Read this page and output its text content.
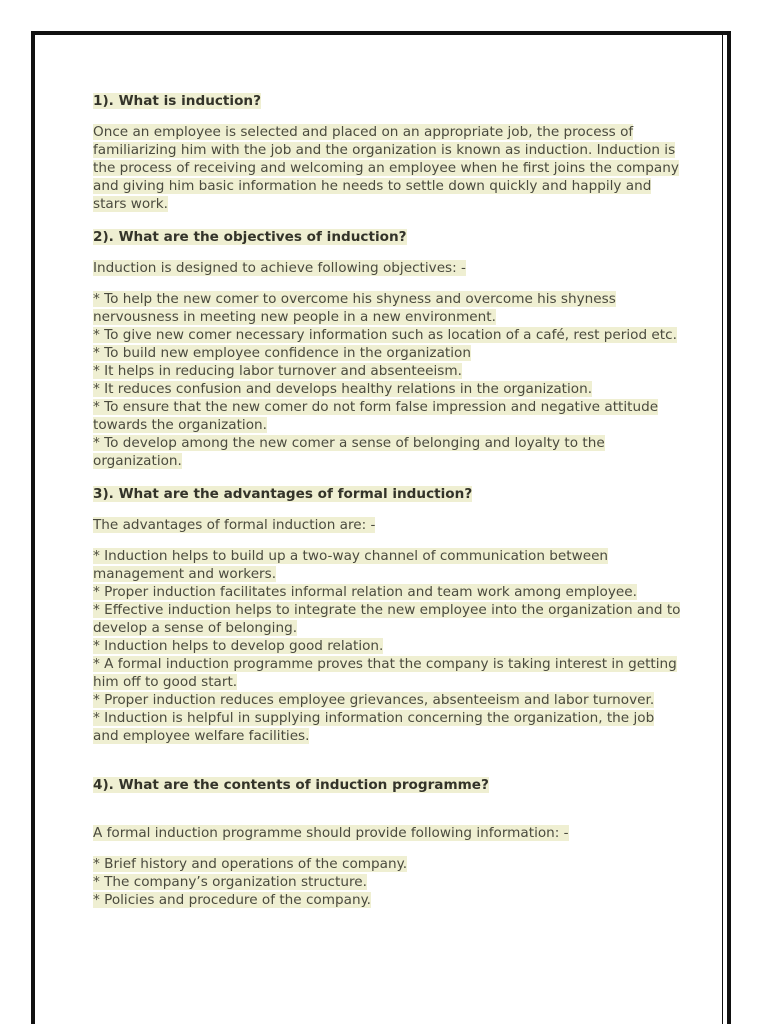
1). What is induction?

Once an employee is selected and placed on an appropriate job, the process of familiarizing him with the job and the organization is known as induction. Induction is the process of receiving and welcoming an employee when he first joins the company and giving him basic information he needs to settle down quickly and happily and stars work.

2). What are the objectives of induction?

Induction is designed to achieve following objectives: -

* To help the new comer to overcome his shyness and overcome his shyness nervousness in meeting new people in a new environment.
* To give new comer necessary information such as location of a café, rest period etc.
* To build new employee confidence in the organization
* It helps in reducing labor turnover and absenteeism.
* It reduces confusion and develops healthy relations in the organization.
* To ensure that the new comer do not form false impression and negative attitude towards the organization.
* To develop among the new comer a sense of belonging and loyalty to the organization.

3). What are the advantages of formal induction?

The advantages of formal induction are: -

* Induction helps to build up a two-way channel of communication between management and workers.
* Proper induction facilitates informal relation and team work among employee.
* Effective induction helps to integrate the new employee into the organization and to develop a sense of belonging.
* Induction helps to develop good relation.
* A formal induction programme proves that the company is taking interest in getting him off to good start.
* Proper induction reduces employee grievances, absenteeism and labor turnover.
* Induction is helpful in supplying information concerning the organization, the job and employee welfare facilities.

4). What are the contents of induction programme?

A formal induction programme should provide following information: -

* Brief history and operations of the company.
* The company’s organization structure.
* Policies and procedure of the company.
